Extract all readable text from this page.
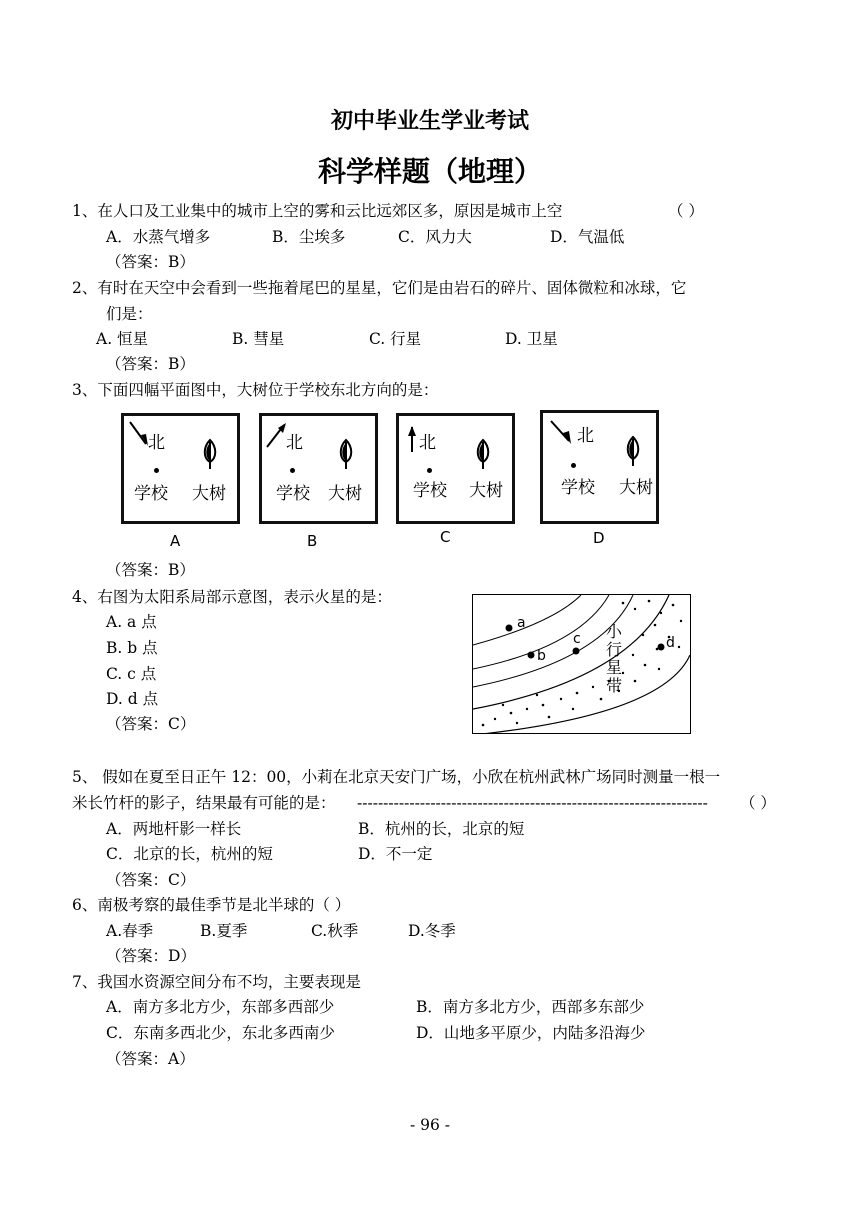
初中毕业生学业考试
科学样题（地理）
1、在人口及工业集中的城市上空的雾和云比远郊区多，原因是城市上空	（ ）
A．水蒸气增多	B．尘埃多	C．风力大	D．气温低
（答案：B）
2、有时在天空中会看到一些拖着尾巴的星星，它们是由岩石的碎片、固体微粒和冰球，它
们是：
A. 恒星	B. 彗星	C. 行星	D. 卫星
（答案：B）
3、下面四幅平面图中，大树位于学校东北方向的是：
北
学校 大树
A
北
学校 大树
B
北
学校 大树
C
北
学校 大树
D
（答案：B）
4、右图为太阳系局部示意图，表示火星的是：
A. a 点
B. b 点
C. c 点
D. d 点
（答案：C）
a
b
c	d
小
行
星
带
5、 假如在夏至日正午 12：00，小莉在北京天安门广场，小欣在杭州武林广场同时测量一根一
米长竹杆的影子，结果最有可能的是： -------------------------------------------------------------------	（ ）
A．两地杆影一样长	B．杭州的长，北京的短
C．北京的长，杭州的短	D．不一定
（答案：C）
6、南极考察的最佳季节是北半球的（ ）
A.春季	B.夏季	C.秋季	D.冬季
（答案：D）
7、我国水资源空间分布不均，主要表现是
A．南方多北方少，东部多西部少	B．南方多北方少，西部多东部少
C．东南多西北少，东北多西南少	D．山地多平原少，内陆多沿海少
（答案：A）
- 96 -
